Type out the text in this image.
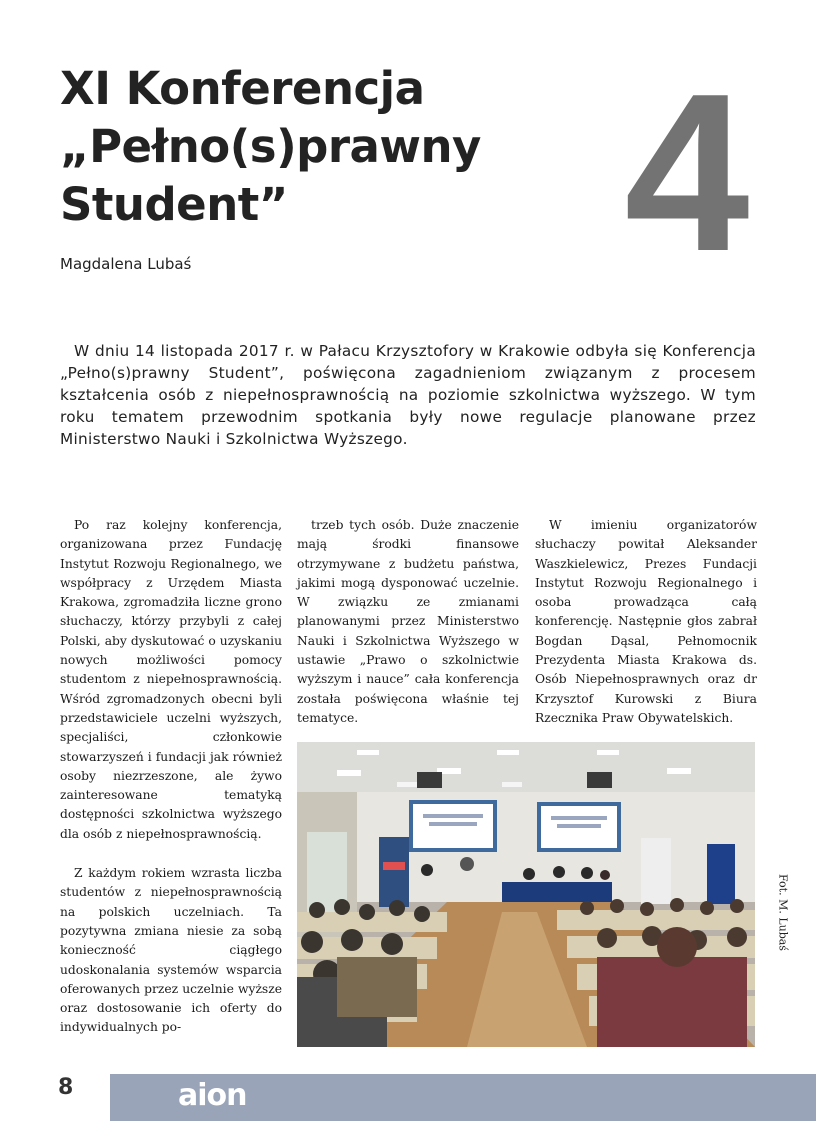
XI Konferencja
„Pełno(s)prawny
Student”	4
Magdalena Lubaś

W dniu 14 listopada 2017 r. w Pałacu Krzysztofory w Krakowie odbyła się Konferencja „Pełno(s)prawny Student”, poświęcona zagadnieniom związanym z procesem kształcenia osób z niepełnosprawnością na poziomie szkolnictwa wyższego. W tym roku tematem przewodnim spotkania były nowe regulacje planowane przez Ministerstwo Nauki i Szkolnictwa Wyższego.

Po raz kolejny konferencja, organizowana przez Fundację Instytut Rozwoju Regionalnego, we współpracy z Urzędem Miasta Krakowa, zgromadziła liczne grono słuchaczy, którzy przybyli z całej Polski, aby dyskutować o uzyskaniu nowych możliwości pomocy studentom z niepełnosprawnością. Wśród zgromadzonych obecni byli przedstawiciele uczelni wyższych, specjaliści, członkowie stowarzyszeń i fundacji jak również osoby niezrzeszone, ale żywo zainteresowane tematyką dostępności szkolnictwa wyższego dla osób z niepełnosprawnością.

Z każdym rokiem wzrasta liczba studentów z niepełnosprawnością na polskich uczelniach. Ta pozytywna zmiana niesie za sobą konieczność ciągłego udoskonalania systemów wsparcia oferowanych przez uczelnie wyższe oraz dostosowanie ich oferty do indywidualnych po-

trzeb tych osób. Duże znaczenie mają środki finansowe otrzymywane z budżetu państwa, jakimi mogą dysponować uczelnie. W związku ze zmianami planowanymi przez Ministerstwo Nauki i Szkolnictwa Wyższego w ustawie „Prawo o szkolnictwie wyższym i nauce” cała konferencja została poświęcona właśnie tej tematyce.

W imieniu organizatorów słuchaczy powitał Aleksander Waszkielewicz, Prezes Fundacji Instytut Rozwoju Regionalnego i osoba prowadząca całą konferencję. Następnie głos zabrał Bogdan Dąsal, Pełnomocnik Prezydenta Miasta Krakowa ds. Osób Niepełnosprawnych oraz dr Krzysztof Kurowski z Biura Rzecznika Praw Obywatelskich.

Fot. M. Lubaś
8	aion
